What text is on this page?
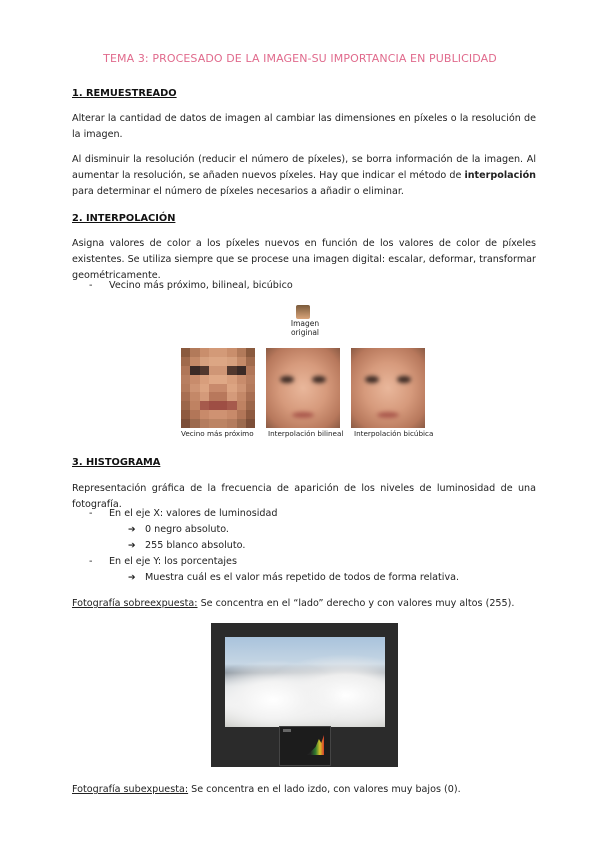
TEMA 3: PROCESADO DE LA IMAGEN-SU IMPORTANCIA EN PUBLICIDAD
1. REMUESTREADO
Alterar la cantidad de datos de imagen al cambiar las dimensiones en píxeles o la resolución de la imagen.
Al disminuir la resolución (reducir el número de píxeles), se borra información de la imagen. Al aumentar la resolución, se añaden nuevos píxeles. Hay que indicar el método de interpolación para determinar el número de píxeles necesarios a añadir o eliminar.
2. INTERPOLACIÓN
Asigna valores de color a los píxeles nuevos en función de los valores de color de píxeles existentes. Se utiliza siempre que se procese una imagen digital: escalar, deformar, transformar geométricamente.
- Vecino más próximo, bilineal, bicúbico
Imagen original
Vecino más próximo Interpolación bilineal Interpolación bicúbica
3. HISTOGRAMA
Representación gráfica de la frecuencia de aparición de los niveles de luminosidad de una fotografía.
- En el eje X: valores de luminosidad
➔ 0 negro absoluto.
➔ 255 blanco absoluto.
- En el eje Y: los porcentajes
➔ Muestra cuál es el valor más repetido de todos de forma relativa.
Fotografía sobreexpuesta: Se concentra en el “lado” derecho y con valores muy altos (255).
Fotografía subexpuesta: Se concentra en el lado izdo, con valores muy bajos (0).
